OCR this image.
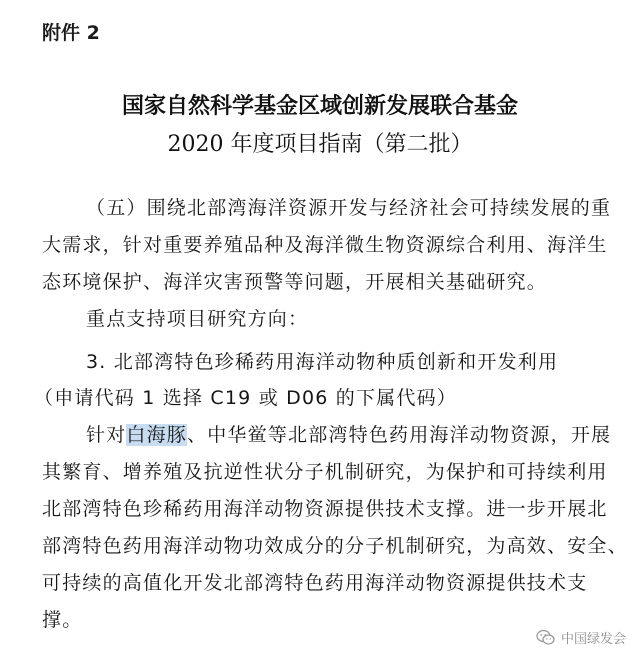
附件 2
国家自然科学基金区域创新发展联合基金
2020 年度项目指南（第二批）
（五）围绕北部湾海洋资源开发与经济社会可持续发展的重
大需求，针对重要养殖品种及海洋微生物资源综合利用、海洋生
态环境保护、海洋灾害预警等问题，开展相关基础研究。
重点支持项目研究方向：
3. 北部湾特色珍稀药用海洋动物种质创新和开发利用
（申请代码 1 选择 C19 或 D06 的下属代码）
针对白海豚、中华鲎等北部湾特色药用海洋动物资源，开展
其繁育、增养殖及抗逆性状分子机制研究，为保护和可持续利用
北部湾特色珍稀药用海洋动物资源提供技术支撑。进一步开展北
部湾特色药用海洋动物功效成分的分子机制研究，为高效、安全、
可持续的高值化开发北部湾特色药用海洋动物资源提供技术支
撑。
中国绿发会
